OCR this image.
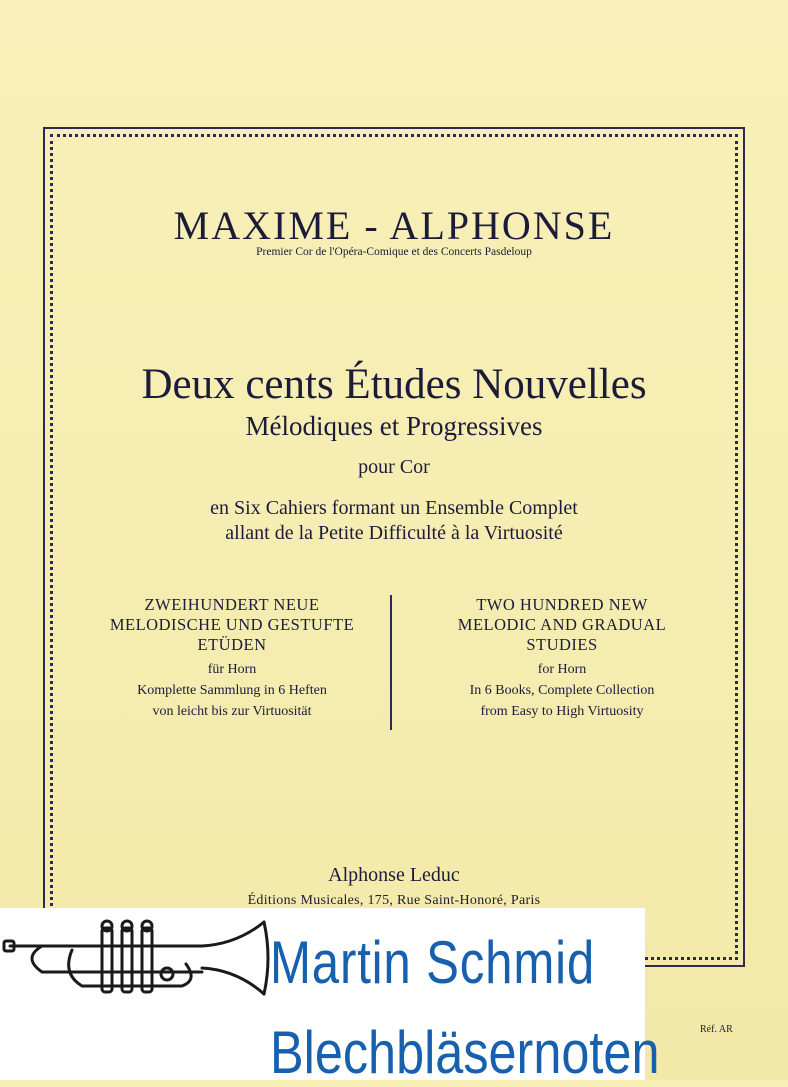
MAXIME - ALPHONSE
Premier Cor de l'Opéra-Comique et des Concerts Pasdeloup
Deux cents Études Nouvelles
Mélodiques et Progressives
pour Cor
en Six Cahiers formant un Ensemble Complet
allant de la Petite Difficulté à la Virtuosité
ZWEIHUNDERT NEUE
MELODISCHE UND GESTUFTE
ETÜDEN
für Horn
Komplette Sammlung in 6 Heften
von leicht bis zur Virtuosität
TWO HUNDRED NEW
MELODIC AND GRADUAL
STUDIES
for Horn
In 6 Books, Complete Collection
from Easy to High Virtuosity
Alphonse Leduc
Éditions Musicales, 175, Rue Saint-Honoré, Paris
Réf. AR
Martin Schmid
Blechbläsernoten
